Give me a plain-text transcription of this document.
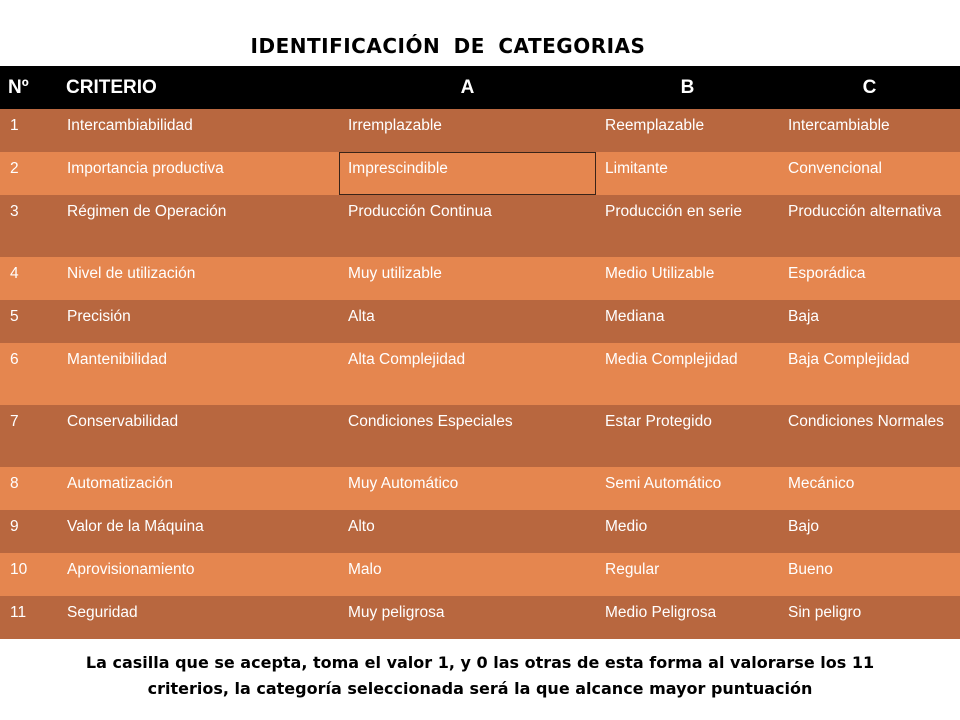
IDENTIFICACIÓN DE CATEGORIAS
Nº	CRITERIO	A	B	C
1	Intercambiabilidad	Irremplazable	Reemplazable	Intercambiable
2	Importancia productiva	Imprescindible	Limitante	Convencional
3	Régimen de Operación	Producción Continua	Producción en serie	Producción alternativa
4	Nivel de utilización	Muy utilizable	Medio Utilizable	Esporádica
5	Precisión	Alta	Mediana	Baja
6	Mantenibilidad	Alta Complejidad	Media Complejidad	Baja Complejidad
7	Conservabilidad	Condiciones Especiales	Estar Protegido	Condiciones Normales
8	Automatización	Muy Automático	Semi Automático	Mecánico
9	Valor de la Máquina	Alto	Medio	Bajo
10	Aprovisionamiento	Malo	Regular	Bueno
11	Seguridad	Muy peligrosa	Medio Peligrosa	Sin peligro
La casilla que se acepta, toma el valor 1, y 0 las otras de esta forma al valorarse los 11
criterios, la categoría seleccionada será la que alcance mayor puntuación
